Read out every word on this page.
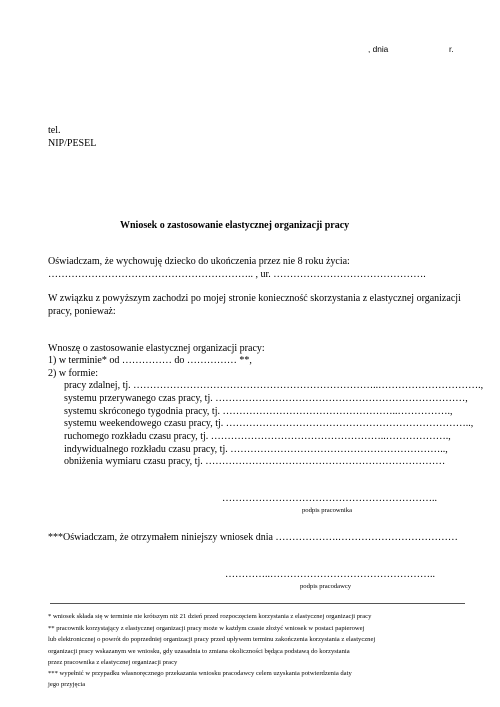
, dnia	r.
tel.
NIP/PESEL
Wniosek o zastosowanie elastycznej organizacji pracy
Oświadczam, że wychowuję dziecko do ukończenia przez nie 8 roku życia:
…………………………………………………….. , ur. ……………………………………….
W związku z powyższym zachodzi po mojej stronie konieczność skorzystania z elastycznej organizacji
pracy, ponieważ:
Wnoszę o zastosowanie elastycznej organizacji pracy:
1) w terminie* od …………… do …………… **,
2) w formie:
pracy zdalnej, tj. ………………………………………………………………..………………………….,
systemu przerywanego czas pracy, tj. …………………………………………………………………,
systemu skróconego tygodnia pracy, tj. ……………………………………………..…………….,
systemu weekendowego czasu pracy, tj. ………………………………………………………………..,
ruchomego rozkładu czasu pracy, tj. ……………………………………………..……………….,
indywidualnego rozkładu czasu pracy, tj. ………………………………………………………..,
obniżenia wymiaru czasu pracy, tj. ………………………………………………………………
………………………………………………………..
podpis pracownika
***Oświadczam, że otrzymałem niniejszy wniosek dnia ……………….………………………………
…………..…………………………………………..
podpis pracodawcy
* wniosek składa się w terminie nie krótszym niż 21 dzień przed rozpoczęciem korzystania z elastycznej organizacji pracy
** pracownik korzystający z elastycznej organizacji pracy może w każdym czasie złożyć wniosek w postaci papierowej
lub elektronicznej o powrót do poprzedniej organizacji pracy przed upływem terminu zakończenia korzystania z elastycznej
organizacji pracy wskazanym we wniosku, gdy uzasadnia to zmiana okoliczności będąca podstawą do korzystania
przez pracownika z elastycznej organizacji pracy
*** wypełnić w przypadku własnoręcznego przekazania wniosku pracodawcy celem uzyskania potwierdzenia daty
jego przyjęcia
